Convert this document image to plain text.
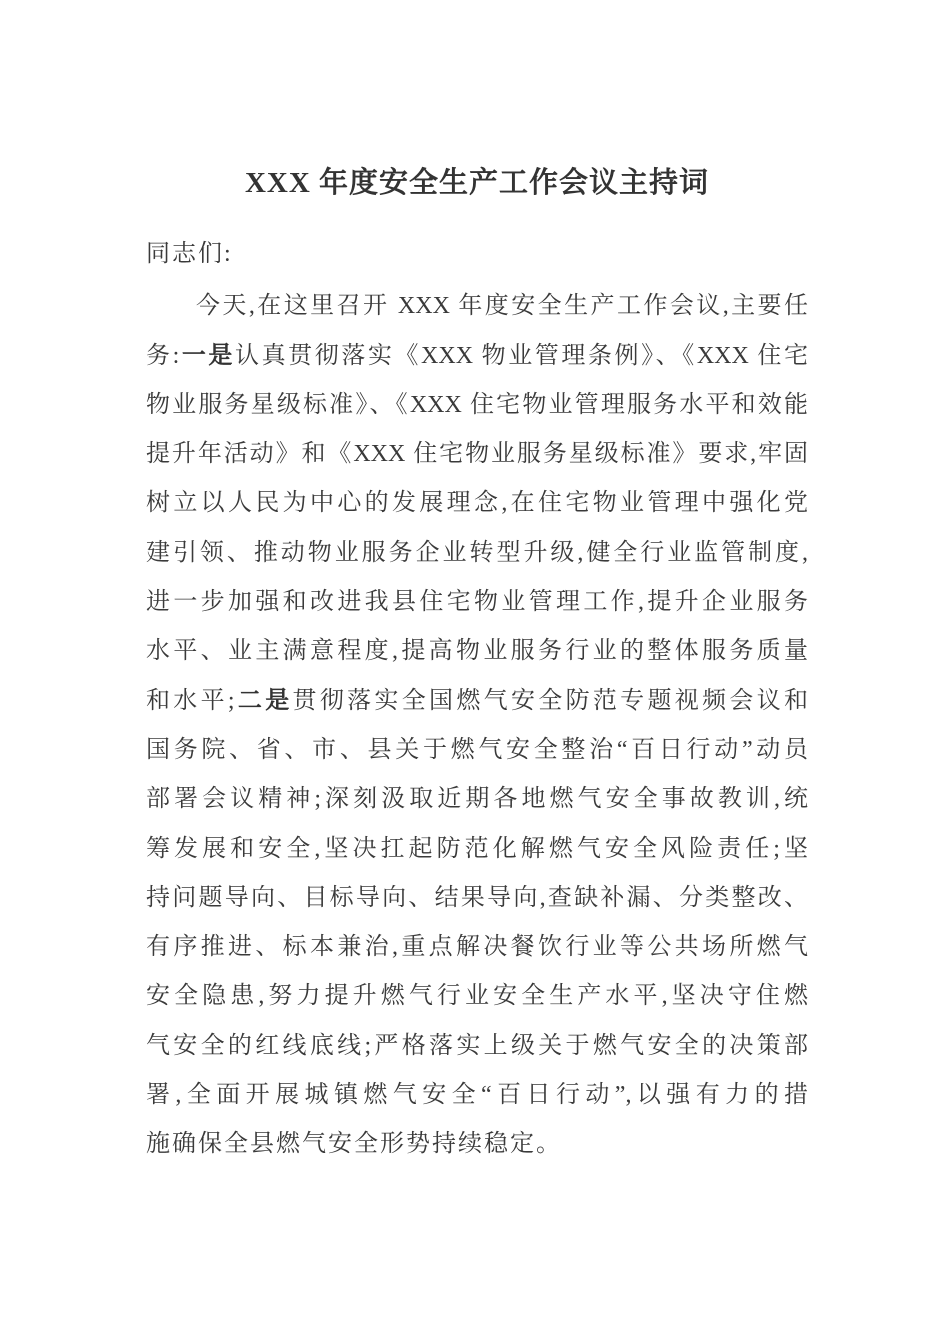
XXX 年度安全生产工作会议主持词

同志们:

今天,在这里召开 XXX 年度安全生产工作会议,主要任
务:一是认真贯彻落实《XXX 物业管理条例》、《XXX 住宅
物业服务星级标准》、《XXX 住宅物业管理服务水平和效能
提升年活动》和《XXX 住宅物业服务星级标准》要求,牢固
树立以人民为中心的发展理念,在住宅物业管理中强化党
建引领、推动物业服务企业转型升级,健全行业监管制度,
进一步加强和改进我县住宅物业管理工作,提升企业服务
水平、业主满意程度,提高物业服务行业的整体服务质量
和水平;二是贯彻落实全国燃气安全防范专题视频会议和
国务院、省、市、县关于燃气安全整治“百日行动”动员
部署会议精神;深刻汲取近期各地燃气安全事故教训,统
筹发展和安全,坚决扛起防范化解燃气安全风险责任;坚
持问题导向、目标导向、结果导向,查缺补漏、分类整改、
有序推进、标本兼治,重点解决餐饮行业等公共场所燃气
安全隐患,努力提升燃气行业安全生产水平,坚决守住燃
气安全的红线底线;严格落实上级关于燃气安全的决策部
署,全面开展城镇燃气安全“百日行动”,以强有力的措
施确保全县燃气安全形势持续稳定。
